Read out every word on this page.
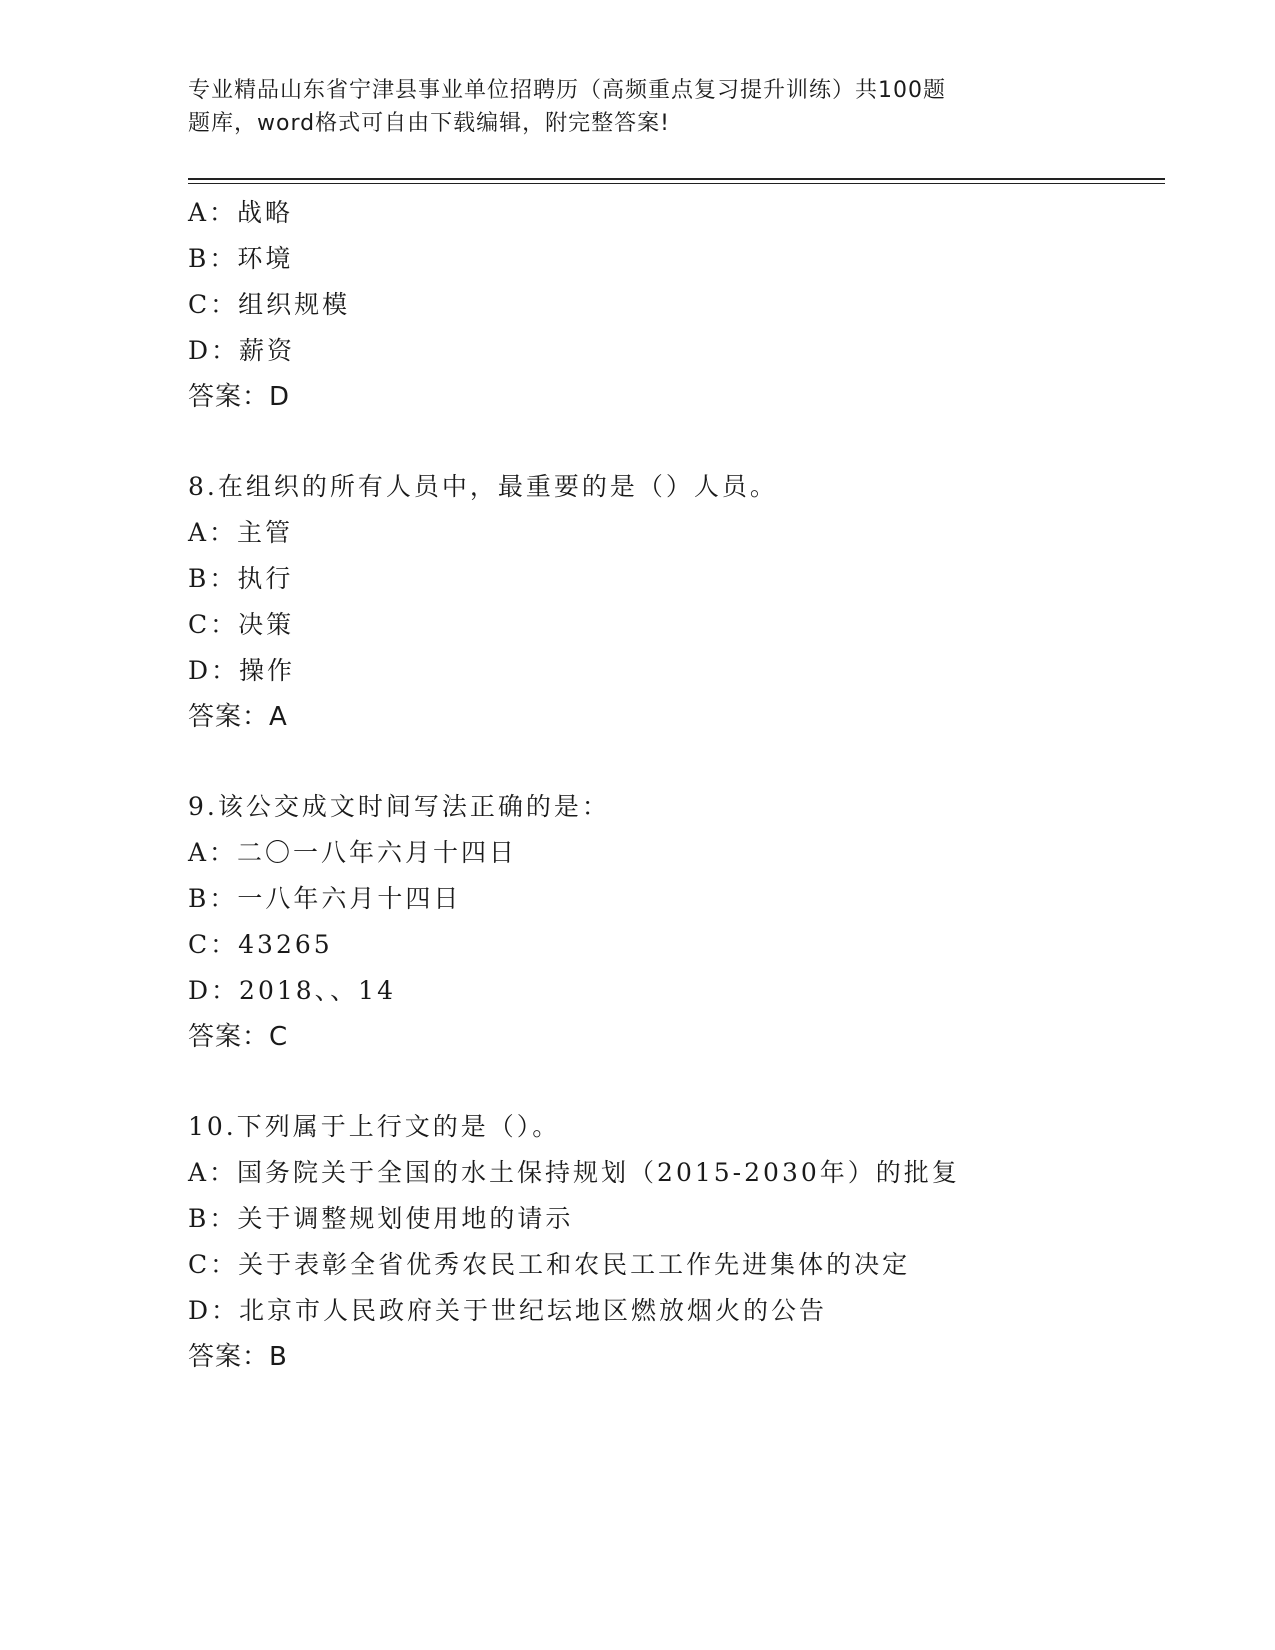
专业精品山东省宁津县事业单位招聘历（高频重点复习提升训练）共100题
题库，word格式可自由下载编辑，附完整答案!
A：战略
B：环境
C：组织规模
D：薪资
答案：D
8.在组织的所有人员中，最重要的是（）人员。
A：主管
B：执行
C：决策
D：操作
答案：A
9.该公交成文时间写法正确的是：
A：二〇一八年六月十四日
B：一八年六月十四日
C：43265
D：2018、、14
答案：C
10.下列属于上行文的是（）。
A：国务院关于全国的水土保持规划（2015-2030年）的批复
B：关于调整规划使用地的请示
C：关于表彰全省优秀农民工和农民工工作先进集体的决定
D：北京市人民政府关于世纪坛地区燃放烟火的公告
答案：B
